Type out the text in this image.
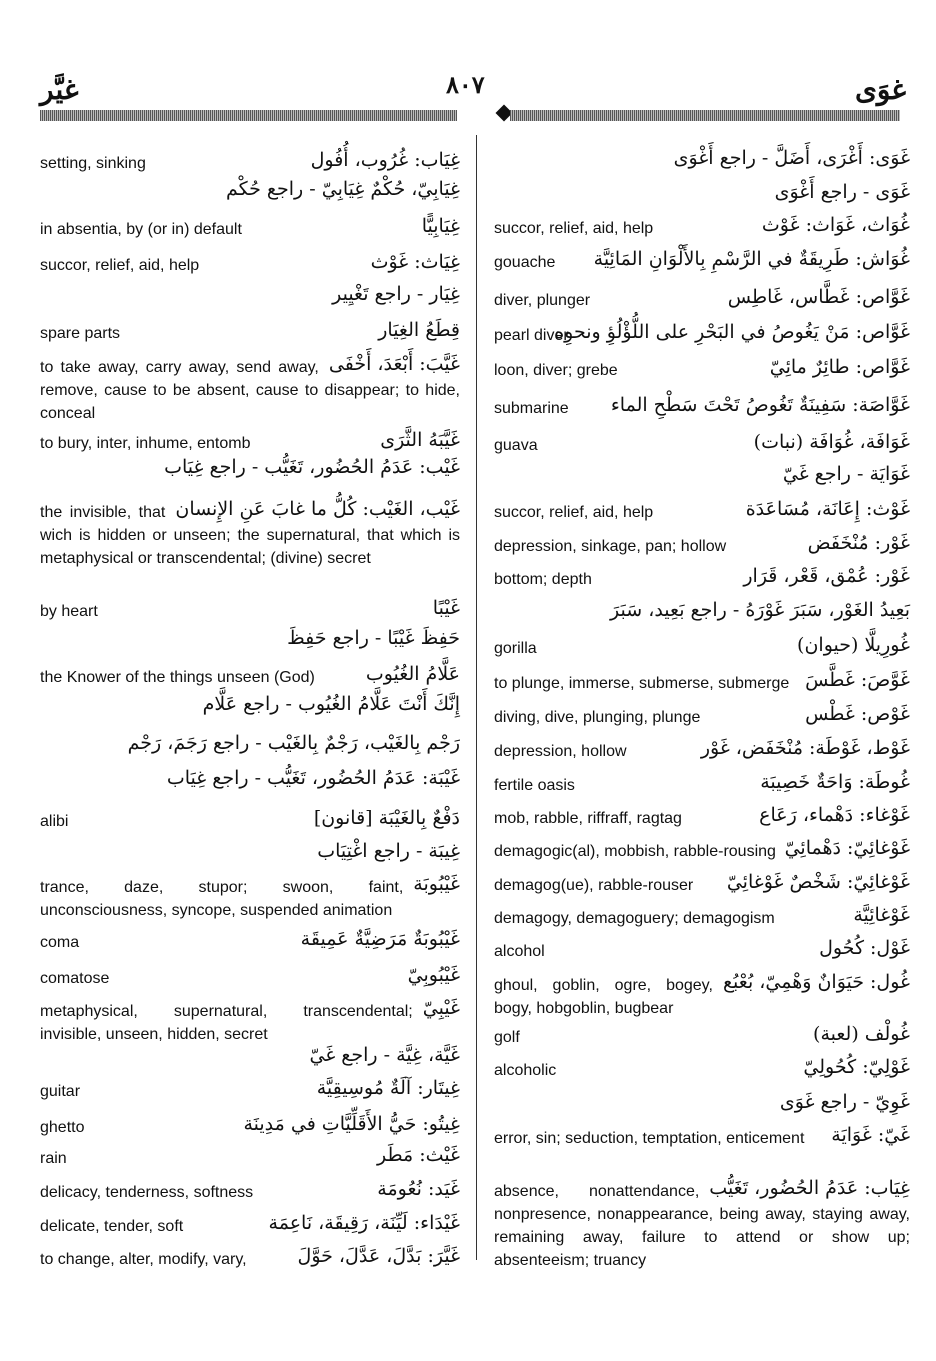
غوَى
٨٠٧
غيَّر
setting, sinking	غِيَاب: غُرُوب، أُفُول
غِيَابِيّ، حُكْمٌ غِيَابِيّ - راجع حُكْم
in absentia, by (or in) default	غِيَابِيًّا
succor, relief, aid, help	غِيَاث: غَوْث
غِيَار - راجع تَغْيِير
spare parts	قِطَعُ الغِيَار
to take away, carry away, send away, remove, cause to be absent, cause to disappear; to hide, conceal
غَيَّبَ: أَبْعَدَ، أَخْفَى
to bury, inter, inhume, entomb	غَيَّبَهُ الثَّرَى
غَيْب: عَدَمُ الحُضُور، تَغَيُّب - راجع غِيَاب
the invisible, that wich is hidden or unseen; the supernatural, that which is metaphysical or transcendental; (divine) secret
غَيْب، الغَيْب: كُلُّ ما غابَ عَنِ الإِنسان
by heart	غَيْبًا
حَفِظَ غَيْبًا - راجع حَفِظَ
the Knower of the things unseen (God)	عَلَّامُ الغُيُوب
إِنَّكَ أَنْتَ عَلَّامُ الغُيُوب - راجع عَلَّام
رَجْم بِالغَيْب، رَجْمٌ بِالغَيْب - راجع رَجَمَ، رَجْم
غَيْبَة: عَدَمُ الحُضُور، تَغَيُّب - راجع غِيَاب
alibi	دَفْعٌ بِالغَيْبَة [قانون]
غِيبَة - راجع اغْتِيَاب
trance, daze, stupor; swoon, faint, unconsciousness, syncope, suspended animation
غَيْبُوبَة
coma	غَيْبُوبَةٌ مَرَضِيَّةٌ عَمِيقَة
comatose	غَيْبُوبِيّ
metaphysical, supernatural, transcendental; invisible, unseen, hidden, secret
غَيْبِيّ
غَيَّة، غِيَّة - راجع غَيّ
guitar	غِيتَار: آلَةٌ مُوسِيقِيَّة
ghetto	غِيتُو: حَيُّ الأَقَلِّيَّاتِ في مَدِينَة
rain	غَيْث: مَطَر
delicacy, tenderness, softness	غَيَد: نُعُومَة
delicate, tender, soft	غَيْدَاء: لَيِّنَة، رَقِيقَة، نَاعِمَة
to change, alter, modify, vary,	غَيَّرَ: بَدَّلَ، عَدَّلَ، حَوَّلَ
غَوَى: أَغْرَى، أَضَلَّ - راجع أَغْوَى
غَوَى - راجع أَغْوَى
succor, relief, aid, help	غُوَاث، غَوَاث: غَوْث
gouache غُوَاش: طَرِيقَةٌ في الرَّسْمِ بِالأَلْوَانِ المَائِيَّة
diver, plunger	غَوَّاص: غَطَّاس، غَاطِس
pearl diver
غَوَّاص: مَنْ يَغُوصُ في البَحْرِ على اللُّؤْلُؤِ ونحوِه
loon, diver; grebe	غَوَّاص: طائِرٌ مائِيّ
submarine غَوَّاصَة: سَفِينَةٌ تَغُوصُ تَحْتَ سَطْحِ الماء
guava	غَوَافَة، غُوَافَة (نبات)
غَوَايَة - راجع غَيّ
succor, relief, aid, help	غَوْث: إِعَانَة، مُسَاعَدَة
depression, sinkage, pan; hollow	غَوْر: مُنْخَفَض
bottom; depth	غَوْر: عُمْق، قَعْر، قَرَار
بَعِيدُ الغَوْر، سَبَرَ غَوْرَهُ - راجع بَعِيد، سَبَرَ
gorilla	غُورِيلَّا (حيوان)
to plunge, immerse, submerse, submerge غَوَّصَ: غَطَّسَ
diving, dive, plunging, plunge	غَوْص: غَطْس
depression, hollow	غَوْط، غَوْطَة: مُنْخَفَض، غَوْر
fertile oasis	غُوطَة: وَاحَةٌ خَصِيبَة
mob, rabble, riffraff, ragtag	غَوْغاء: دَهْماء، رَعَاع
demagogic(al), mobbish, rabble-rousing غَوْغائِيّ: دَهْمائِيّ
demagog(ue), rabble-rouser غَوْغائِيّ: شَخْصٌ غَوْغائِيّ
demagogy, demagoguery; demagogism	غَوْغائِيَّة
alcohol	غَوْل: كُحُول
ghoul, goblin, ogre, bogey, bogy, hobgoblin, bugbear
غُول: حَيَوَانٌ وَهْمِيّ، بُعْبُع
golf	غُولْف (لعبة)
alcoholic	غَوْلِيّ: كُحُولِيّ
غَوِيّ - راجع غَوَى
error, sin; seduction, temptation, enticement	غَيّ: غَوَايَة
absence, nonattendance, nonpresence, nonappearance, being away, staying away, remaining away, failure to attend or show up; absenteeism; truancy
غِيَاب: عَدَمُ الحُضُور، تَغَيُّب
